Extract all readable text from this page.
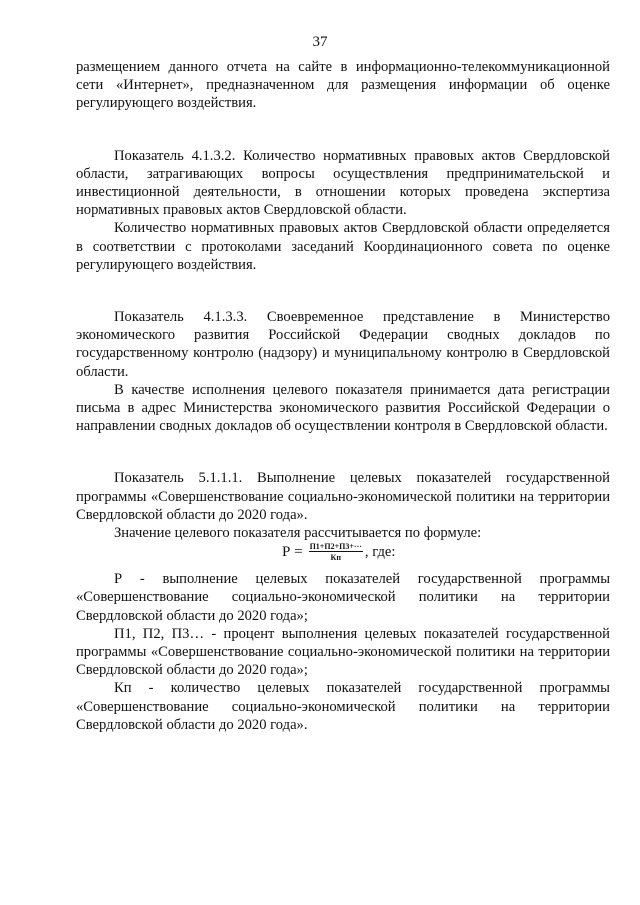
37

размещением данного отчета на сайте в информационно-телекоммуникационной сети «Интернет», предназначенном для размещения информации об оценке регулирующего воздействия.

Показатель 4.1.3.2. Количество нормативных правовых актов Свердловской области, затрагивающих вопросы осуществления предпринимательской и инвестиционной деятельности, в отношении которых проведена экспертиза нормативных правовых актов Свердловской области.

Количество нормативных правовых актов Свердловской области определяется в соответствии с протоколами заседаний Координационного совета по оценке регулирующего воздействия.

Показатель 4.1.3.3. Своевременное представление в Министерство экономического развития Российской Федерации сводных докладов по государственному контролю (надзору) и муниципальному контролю в Свердловской области.

В качестве исполнения целевого показателя принимается дата регистрации письма в адрес Министерства экономического развития Российской Федерации о направлении сводных докладов об осуществлении контроля в Свердловской области.

Показатель 5.1.1.1. Выполнение целевых показателей государственной программы «Совершенствование социально-экономической политики на территории Свердловской области до 2020 года».

Значение целевого показателя рассчитывается по формуле:

$Р = \frac{П1+П2+П3+\cdot\cdot\cdot}{Кп}$ , где:

Р - выполнение целевых показателей государственной программы «Совершенствование социально-экономической политики на территории Свердловской области до 2020 года»;

П1, П2, П3… - процент выполнения целевых показателей государственной программы «Совершенствование социально-экономической политики на территории Свердловской области до 2020 года»;

Кп - количество целевых показателей государственной программы «Совершенствование социально-экономической политики на территории Свердловской области до 2020 года».
